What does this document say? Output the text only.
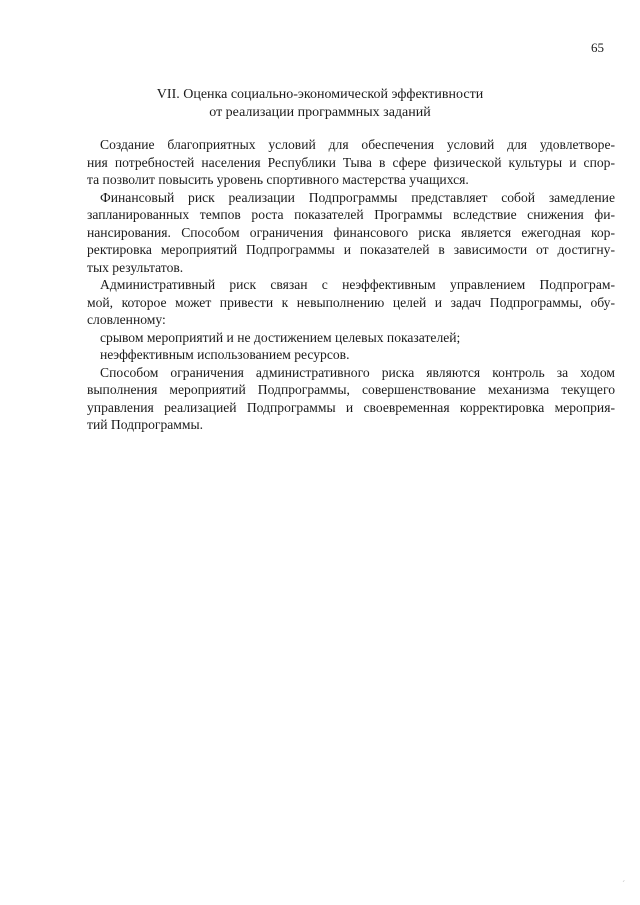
65
VII. Оценка социально-экономической эффективности
от реализации программных заданий
Создание благоприятных условий для обеспечения условий для удовлетворе-
ния потребностей населения Республики Тыва в сфере физической культуры и спор-
та позволит повысить уровень спортивного мастерства учащихся.
Финансовый риск реализации Подпрограммы представляет собой замедление
запланированных темпов роста показателей Программы вследствие снижения фи-
нансирования. Способом ограничения финансового риска является ежегодная кор-
ректировка мероприятий Подпрограммы и показателей в зависимости от достигну-
тых результатов.
Административный риск связан с неэффективным управлением Подпрограм-
мой, которое может привести к невыполнению целей и задач Подпрограммы, обу-
словленному:
срывом мероприятий и не достижением целевых показателей;
неэффективным использованием ресурсов.
Способом ограничения административного риска являются контроль за ходом
выполнения мероприятий Подпрограммы, совершенствование механизма текущего
управления реализацией Подпрограммы и своевременная корректировка мероприя-
тий Подпрограммы.
´
